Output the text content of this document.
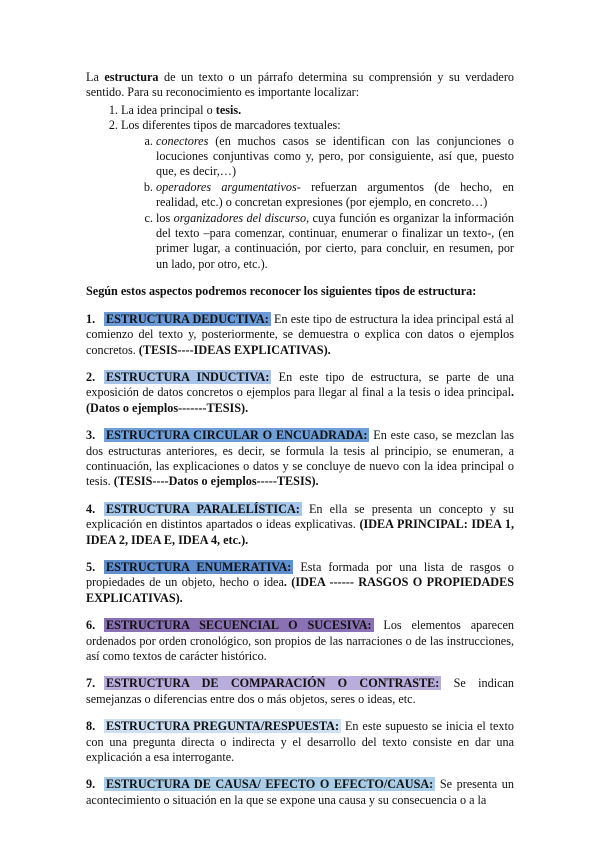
La estructura de un texto o un párrafo determina su comprensión y su verdadero sentido. Para su reconocimiento es importante localizar:

1. La idea principal o tesis.
2. Los diferentes tipos de marcadores textuales:
a. conectores (en muchos casos se identifican con las conjunciones o locuciones conjuntivas como y, pero, por consiguiente, así que, puesto que, es decir,…)
b. operadores argumentativos- refuerzan argumentos (de hecho, en realidad, etc.) o concretan expresiones (por ejemplo, en concreto…)
c. los organizadores del discurso, cuya función es organizar la información del texto –para comenzar, continuar, enumerar o finalizar un texto-, (en primer lugar, a continuación, por cierto, para concluir, en resumen, por un lado, por otro, etc.).

Según estos aspectos podremos reconocer los siguientes tipos de estructura:

1. ESTRUCTURA DEDUCTIVA: En este tipo de estructura la idea principal está al comienzo del texto y, posteriormente, se demuestra o explica con datos o ejemplos concretos. (TESIS----IDEAS EXPLICATIVAS).

2. ESTRUCTURA INDUCTIVA: En este tipo de estructura, se parte de una exposición de datos concretos o ejemplos para llegar al final a la tesis o idea principal. (Datos o ejemplos-------TESIS).

3. ESTRUCTURA CIRCULAR O ENCUADRADA: En este caso, se mezclan las dos estructuras anteriores, es decir, se formula la tesis al principio, se enumeran, a continuación, las explicaciones o datos y se concluye de nuevo con la idea principal o tesis. (TESIS----Datos o ejemplos-----TESIS).

4. ESTRUCTURA PARALELÍSTICA: En ella se presenta un concepto y su explicación en distintos apartados o ideas explicativas. (IDEA PRINCIPAL: IDEA 1, IDEA 2, IDEA E, IDEA 4, etc.).

5. ESTRUCTURA ENUMERATIVA: Esta formada por una lista de rasgos o propiedades de un objeto, hecho o idea. (IDEA ------ RASGOS O PROPIEDADES EXPLICATIVAS).

6. ESTRUCTURA SECUENCIAL O SUCESIVA: Los elementos aparecen ordenados por orden cronológico, son propios de las narraciones o de las instrucciones, así como textos de carácter histórico.

7. ESTRUCTURA DE COMPARACIÓN O CONTRASTE: Se indican semejanzas o diferencias entre dos o más objetos, seres o ideas, etc.

8. ESTRUCTURA PREGUNTA/RESPUESTA: En este supuesto se inicia el texto con una pregunta directa o indirecta y el desarrollo del texto consiste en dar una explicación a esa interrogante.

9. ESTRUCTURA DE CAUSA/ EFECTO O EFECTO/CAUSA: Se presenta un acontecimiento o situación en la que se expone una causa y su consecuencia o a la
